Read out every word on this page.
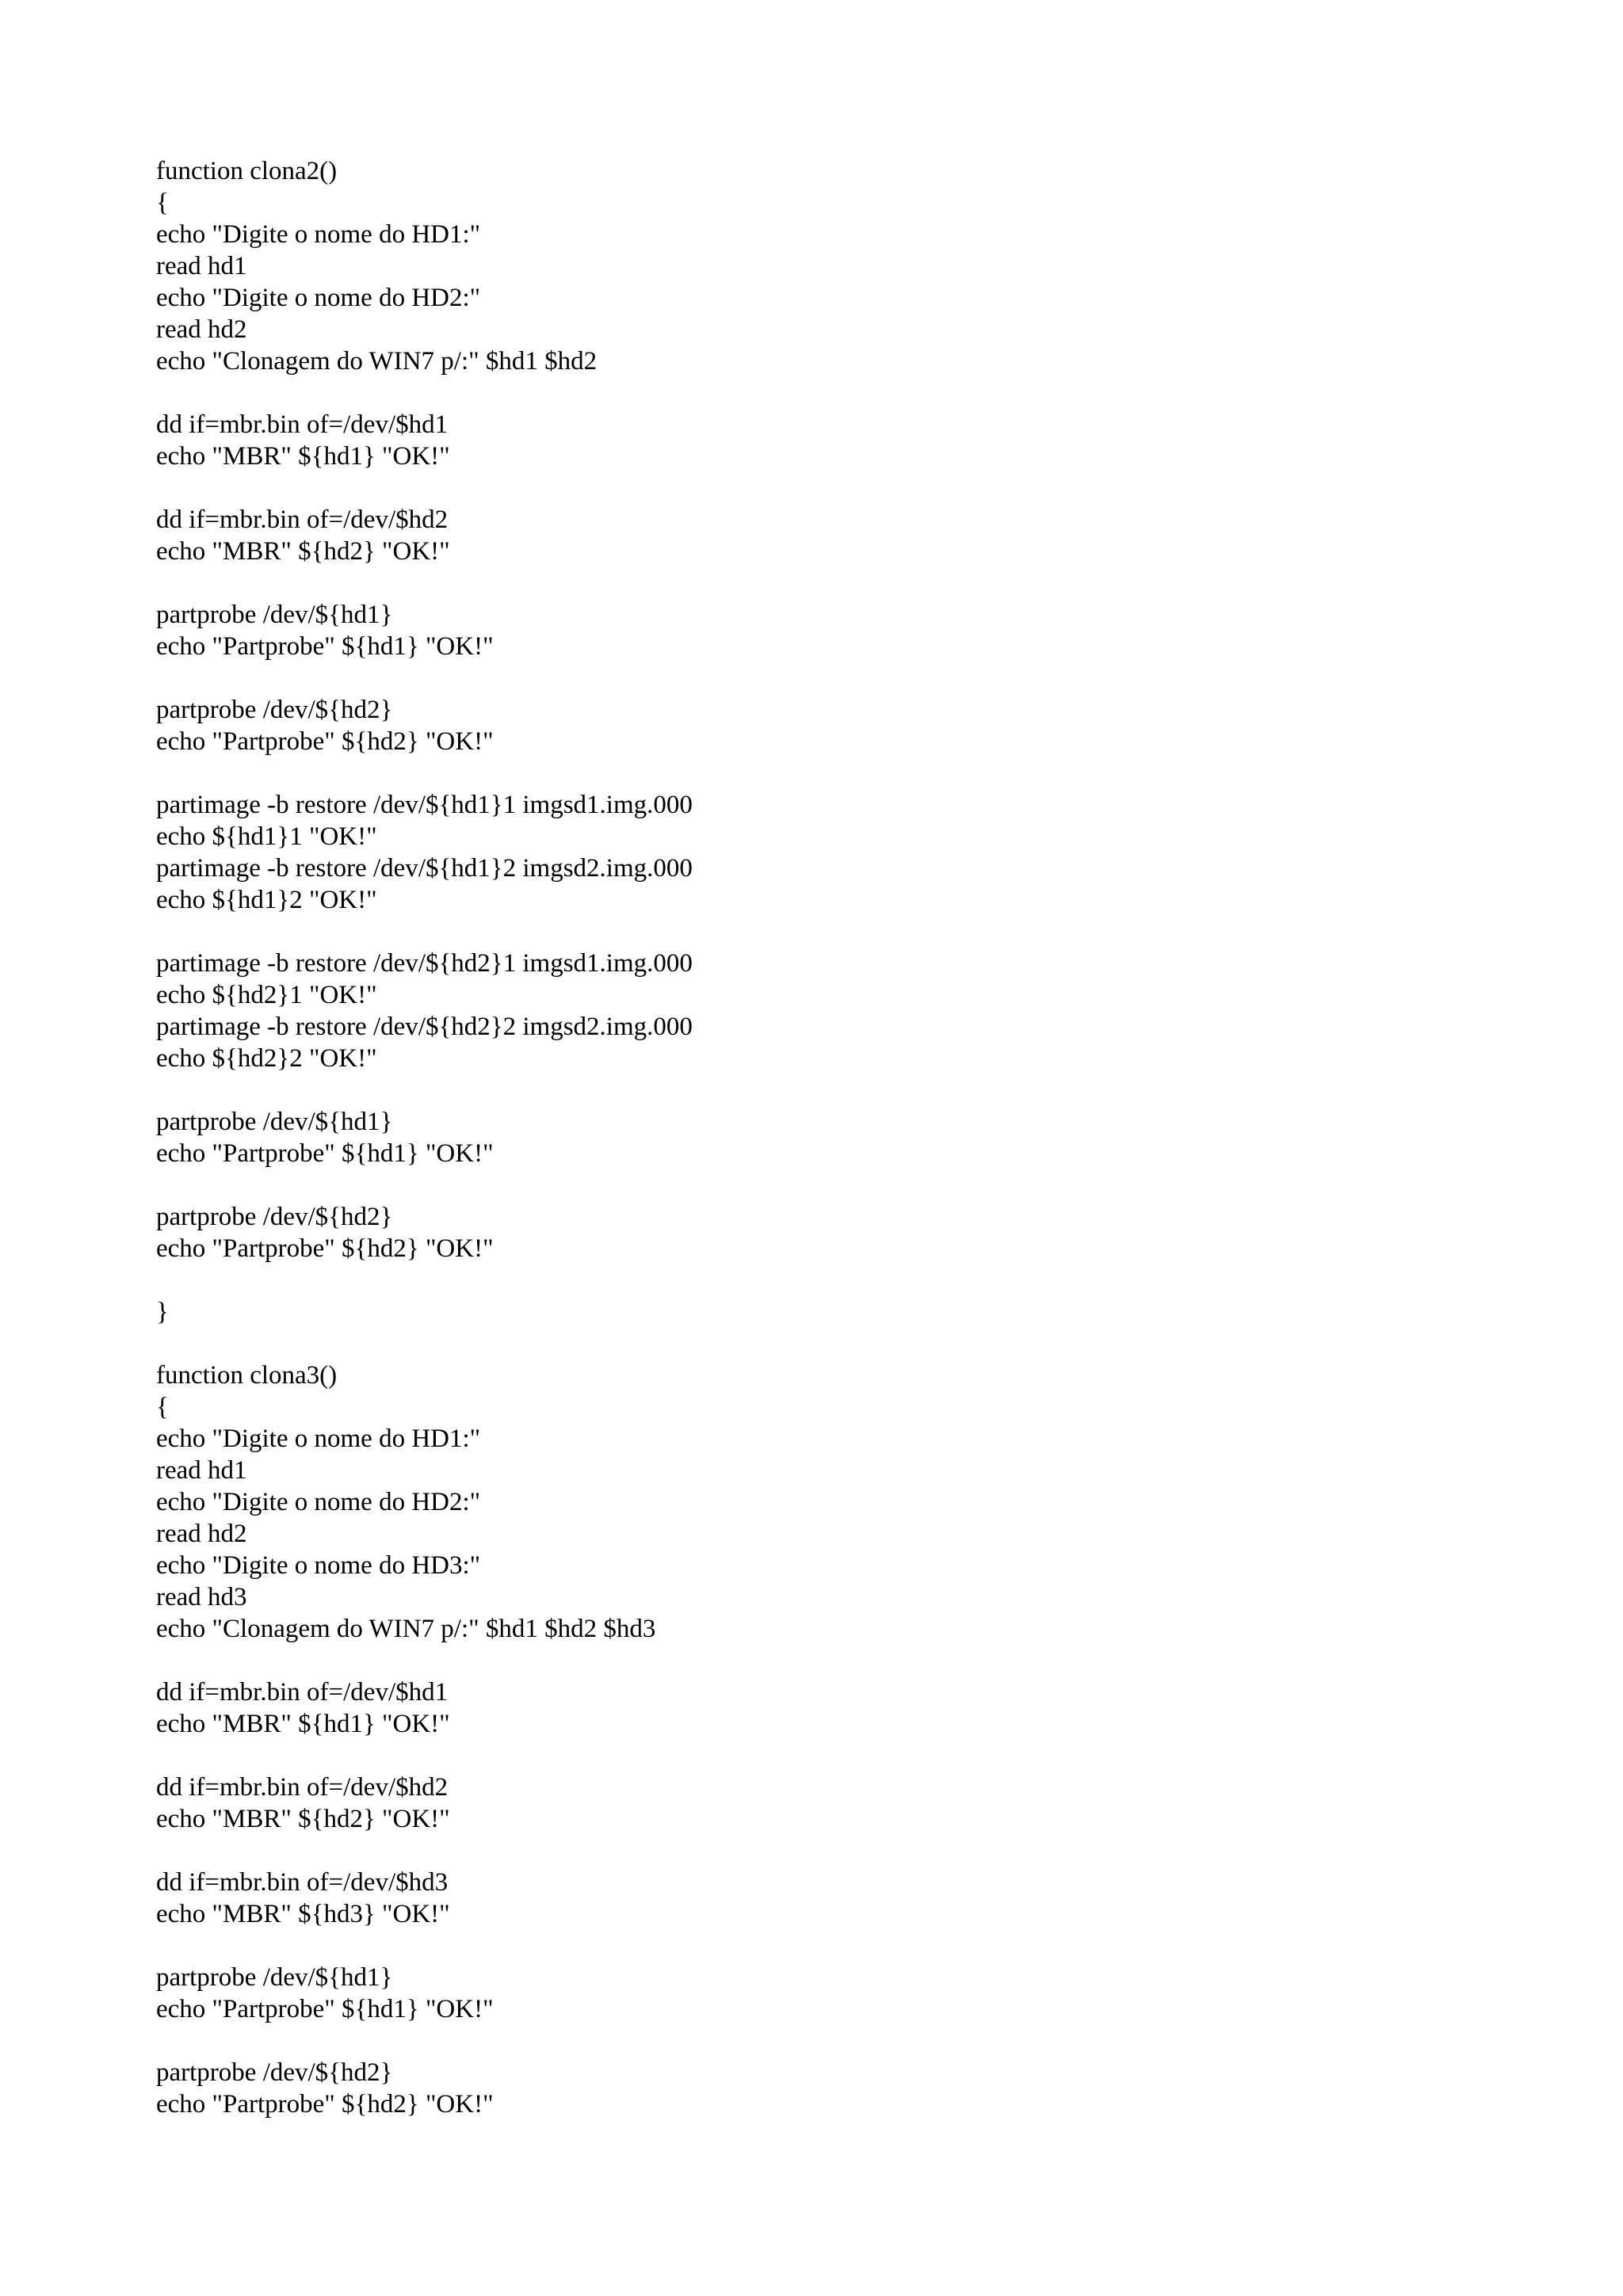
function clona2()
{
echo "Digite o nome do HD1:"
read hd1
echo "Digite o nome do HD2:"
read hd2
echo "Clonagem do WIN7 p/:" $hd1 $hd2
dd if=mbr.bin of=/dev/$hd1
echo "MBR" ${hd1} "OK!"
dd if=mbr.bin of=/dev/$hd2
echo "MBR" ${hd2} "OK!"
partprobe /dev/${hd1}
echo "Partprobe" ${hd1} "OK!"
partprobe /dev/${hd2}
echo "Partprobe" ${hd2} "OK!"
partimage -b restore /dev/${hd1}1 imgsd1.img.000
echo ${hd1}1 "OK!"
partimage -b restore /dev/${hd1}2 imgsd2.img.000
echo ${hd1}2 "OK!"
partimage -b restore /dev/${hd2}1 imgsd1.img.000
echo ${hd2}1 "OK!"
partimage -b restore /dev/${hd2}2 imgsd2.img.000
echo ${hd2}2 "OK!"
partprobe /dev/${hd1}
echo "Partprobe" ${hd1} "OK!"
partprobe /dev/${hd2}
echo "Partprobe" ${hd2} "OK!"
}
function clona3()
{
echo "Digite o nome do HD1:"
read hd1
echo "Digite o nome do HD2:"
read hd2
echo "Digite o nome do HD3:"
read hd3
echo "Clonagem do WIN7 p/:" $hd1 $hd2 $hd3
dd if=mbr.bin of=/dev/$hd1
echo "MBR" ${hd1} "OK!"
dd if=mbr.bin of=/dev/$hd2
echo "MBR" ${hd2} "OK!"
dd if=mbr.bin of=/dev/$hd3
echo "MBR" ${hd3} "OK!"
partprobe /dev/${hd1}
echo "Partprobe" ${hd1} "OK!"
partprobe /dev/${hd2}
echo "Partprobe" ${hd2} "OK!"
